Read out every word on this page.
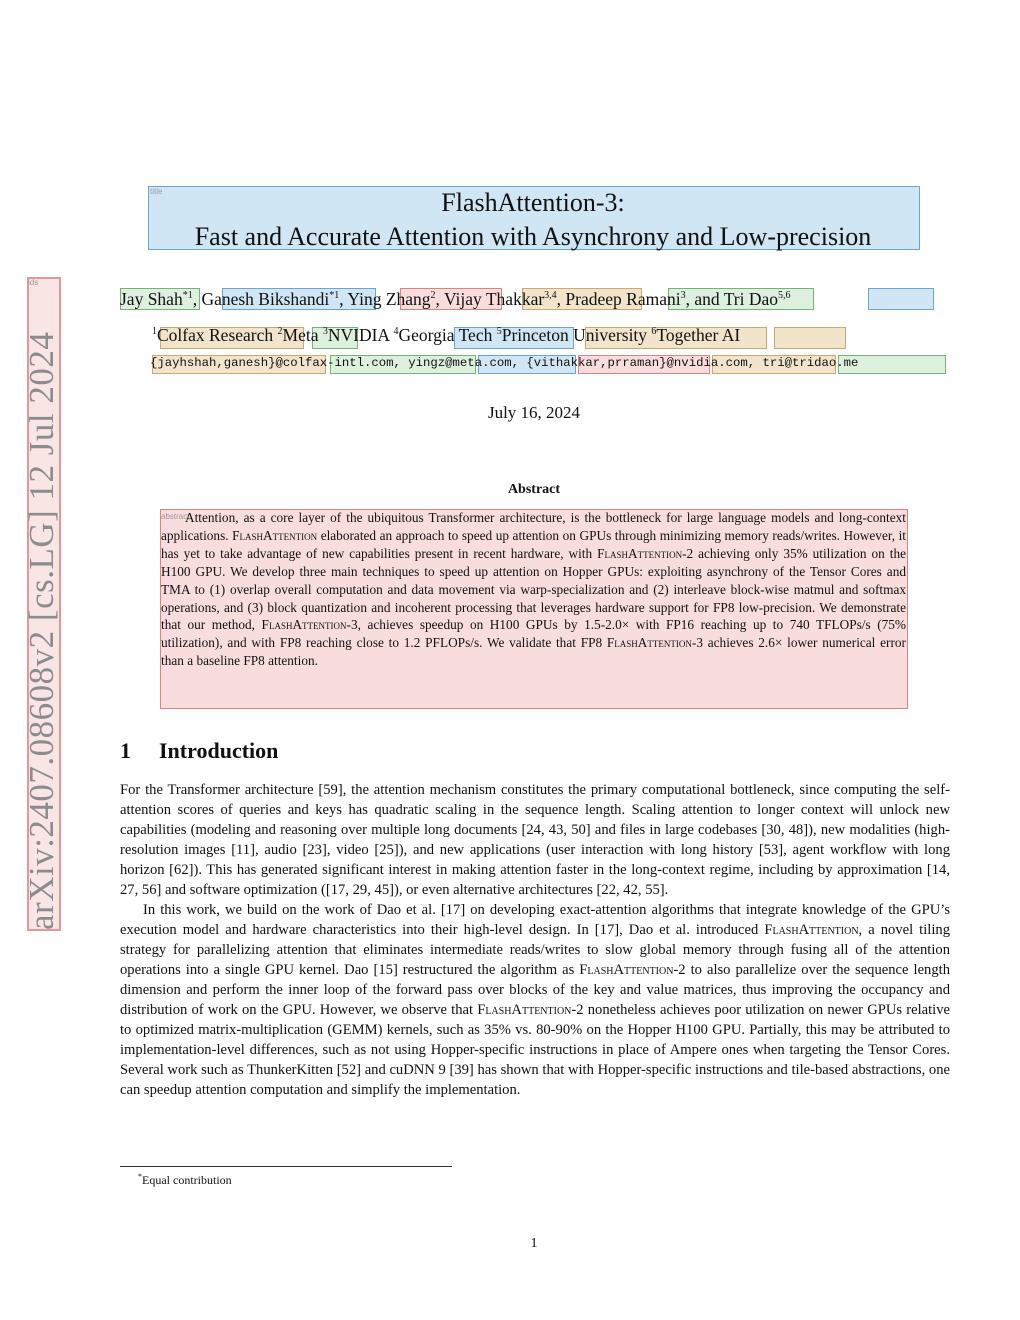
ids
arXiv:2407.08608v2 [cs.LG] 12 Jul 2024
title	FlashAttention-3:
Fast and Accurate Attention with Asynchrony and Low-precision
Jay Shah$^{*1}$, Ganesh Bikshandi$^{*1}$, Ying Zhang$^2$, Vijay Thakkar$^{3,4}$, Pradeep Ramani$^3$, and Tri Dao$^{5,6}$
$^1$Colfax Research $^2$Meta $^3$NVIDIA $^4$Georgia Tech $^5$Princeton University $^6$Together AI
{jayhshah,ganesh}@colfax-intl.com, yingz@meta.com, {vithakkar,prraman}@nvidia.com, tri@tridao.me
July 16, 2024
Abstract
abstract
Attention, as a core layer of the ubiquitous Transformer architecture, is the bottleneck for large language models and long-context applications. FlashAttention elaborated an approach to speed up attention on GPUs through minimizing memory reads/writes. However, it has yet to take advantage of new capabilities present in recent hardware, with FlashAttention-2 achieving only 35% utilization on the H100 GPU. We develop three main techniques to speed up attention on Hopper GPUs: exploiting asynchrony of the Tensor Cores and TMA to (1) overlap overall computation and data movement via warp-specialization and (2) interleave block-wise matmul and softmax operations, and (3) block quantization and incoherent processing that leverages hardware support for FP8 low-precision. We demonstrate that our method, FlashAttention-3, achieves speedup on H100 GPUs by 1.5-2.0× with FP16 reaching up to 740 TFLOPs/s (75% utilization), and with FP8 reaching close to 1.2 PFLOPs/s. We validate that FP8 FlashAttention-3 achieves 2.6× lower numerical error than a baseline FP8 attention.
1 Introduction

For the Transformer architecture [59], the attention mechanism constitutes the primary computational bottleneck, since computing the self-attention scores of queries and keys has quadratic scaling in the sequence length. Scaling attention to longer context will unlock new capabilities (modeling and reasoning over multiple long documents [24, 43, 50] and files in large codebases [30, 48]), new modalities (high-resolution images [11], audio [23], video [25]), and new applications (user interaction with long history [53], agent workflow with long horizon [62]). This has generated significant interest in making attention faster in the long-context regime, including by approximation [14, 27, 56] and software optimization ([17, 29, 45]), or even alternative architectures [22, 42, 55].

In this work, we build on the work of Dao et al. [17] on developing exact-attention algorithms that integrate knowledge of the GPU’s execution model and hardware characteristics into their high-level design. In [17], Dao et al. introduced FlashAttention, a novel tiling strategy for parallelizing attention that eliminates intermediate reads/writes to slow global memory through fusing all of the attention operations into a single GPU kernel. Dao [15] restructured the algorithm as FlashAttention-2 to also parallelize over the sequence length dimension and perform the inner loop of the forward pass over blocks of the key and value matrices, thus improving the occupancy and distribution of work on the GPU. However, we observe that FlashAttention-2 nonetheless achieves poor utilization on newer GPUs relative to optimized matrix-multiplication (GEMM) kernels, such as 35% vs. 80-90% on the Hopper H100 GPU. Partially, this may be attributed to implementation-level differences, such as not using Hopper-specific instructions in place of Ampere ones when targeting the Tensor Cores. Several work such as ThunkerKitten [52] and cuDNN 9 [39] has shown that with Hopper-specific instructions and tile-based abstractions, one can speedup attention computation and simplify the implementation.

*Equal contribution
1
